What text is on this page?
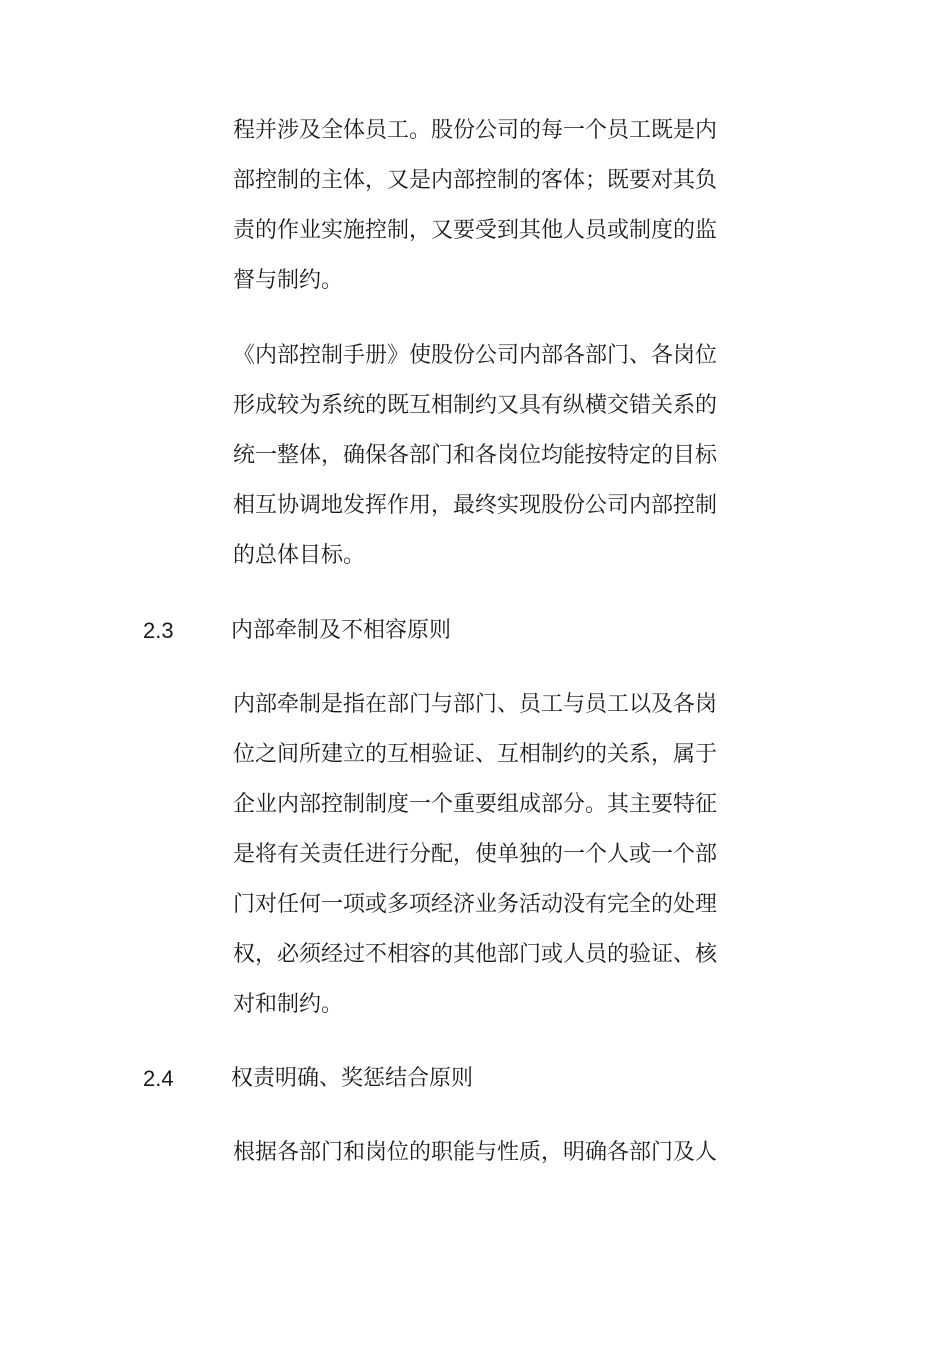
程并涉及全体员工。股份公司的每一个员工既是内
部控制的主体，又是内部控制的客体；既要对其负
责的作业实施控制，又要受到其他人员或制度的监
督与制约。
《内部控制手册》使股份公司内部各部门、各岗位
形成较为系统的既互相制约又具有纵横交错关系的
统一整体，确保各部门和各岗位均能按特定的目标
相互协调地发挥作用，最终实现股份公司内部控制
的总体目标。
2.3	内部牵制及不相容原则
内部牵制是指在部门与部门、员工与员工以及各岗
位之间所建立的互相验证、互相制约的关系，属于
企业内部控制制度一个重要组成部分。其主要特征
是将有关责任进行分配，使单独的一个人或一个部
门对任何一项或多项经济业务活动没有完全的处理
权，必须经过不相容的其他部门或人员的验证、核
对和制约。
2.4	权责明确、奖惩结合原则
根据各部门和岗位的职能与性质，明确各部门及人
